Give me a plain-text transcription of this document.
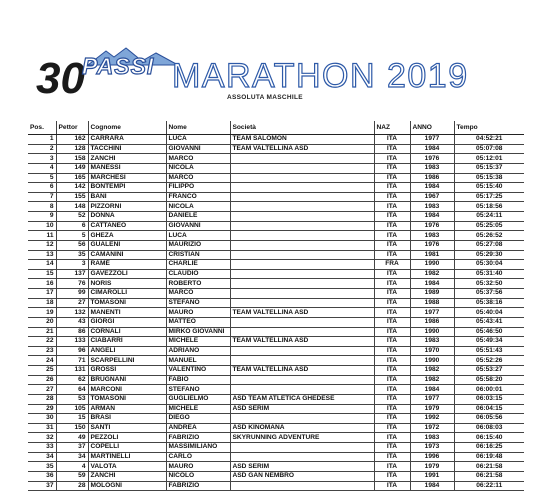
30
PASSI MARATHON 2019
ASSOLUTA MASCHILE
Pos.	Pettor	Cognome	Nome	Società	NAZ	ANNO	Tempo
1	162	CARRARA	LUCA	TEAM SALOMON	ITA	1977	04:52:21
2	128	TACCHINI	GIOVANNI	TEAM VALTELLINA ASD	ITA	1984	05:07:08
3	158	ZANCHI	MARCO		ITA	1976	05:12:01
4	149	MANESSI	NICOLA		ITA	1983	05:15:37
5	165	MARCHESI	MARCO		ITA	1986	05:15:38
6	142	BONTEMPI	FILIPPO		ITA	1984	05:15:40
7	155	BANI	FRANCO		ITA	1967	05:17:25
8	148	PIZZORNI	NICOLA		ITA	1983	05:18:56
9	52	DONNA	DANIELE		ITA	1984	05:24:11
10	6	CATTANEO	GIOVANNI		ITA	1976	05:25:05
11	5	GHEZA	LUCA		ITA	1983	05:26:52
12	56	GUALENI	MAURIZIO		ITA	1976	05:27:08
13	35	CAMANINI	CRISTIAN		ITA	1981	05:29:30
14	3	RAMÉ	CHARLIE		FRA	1990	05:30:04
15	137	GAVEZZOLI	CLAUDIO		ITA	1982	05:31:40
16	76	NORIS	ROBERTO		ITA	1984	05:32:50
17	99	CIMAROLLI	MARCO		ITA	1989	05:37:56
18	27	TOMASONI	STEFANO		ITA	1988	05:38:16
19	132	MANENTI	MAURO	TEAM VALTELLINA ASD	ITA	1977	05:40:04
20	43	GIORGI	MATTEO		ITA	1986	05:43:41
21	86	CORNALI	MIRKO GIOVANNI		ITA	1990	05:46:50
22	133	CIABARRI	MICHELE	TEAM VALTELLINA ASD	ITA	1983	05:49:34
23	96	ANGELI	ADRIANO		ITA	1970	05:51:43
24	71	SCARPELLINI	MANUEL		ITA	1990	05:52:26
25	131	GROSSI	VALENTINO	TEAM VALTELLINA ASD	ITA	1982	05:53:27
26	62	BRUGNANI	FABIO		ITA	1982	05:58:20
27	64	MARCONI	STEFANO		ITA	1984	06:00:01
28	53	TOMASONI	GUGLIELMO	ASD TEAM ATLETICA GHEDESE	ITA	1977	06:03:15
29	105	ARMAN	MICHELE	ASD SERIM	ITA	1979	06:04:15
30	15	BRASI	DIEGO		ITA	1992	06:05:56
31	150	SANTI	ANDREA	ASD KINOMANA	ITA	1972	06:08:03
32	49	PEZZOLI	FABRIZIO	SKYRUNNING ADVENTURE	ITA	1983	06:15:40
33	37	COPELLI	MASSIMILIANO		ITA	1973	06:16:25
34	34	MARTINELLI	CARLO		ITA	1996	06:19:48
35	4	VALOTA	MAURO	ASD SERIM	ITA	1979	06:21:58
36	59	ZANCHI	NICOLÒ	ASD GAN NEMBRO	ITA	1991	06:21:58
37	28	MOLOGNI	FABRIZIO		ITA	1984	06:22:11
